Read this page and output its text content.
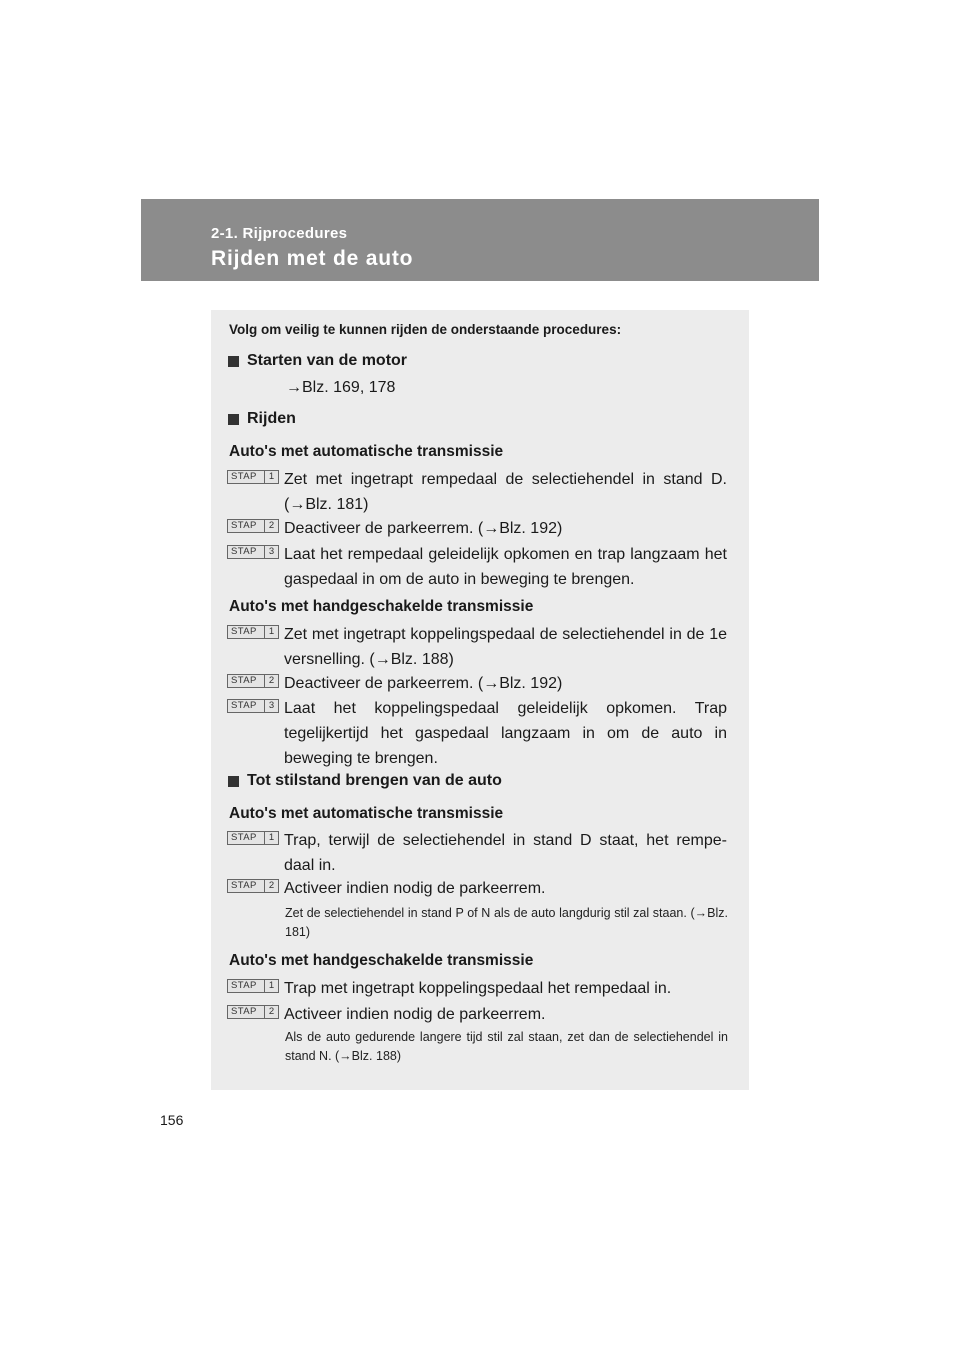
2-1. Rijprocedures
Rijden met de auto
Volg om veilig te kunnen rijden de onderstaande procedures:
Starten van de motor
→Blz. 169, 178
Rijden
Auto's met automatische transmissie
STAP	1 Zet met ingetrapt rempedaal de selectiehendel in stand D. (→Blz. 181)
STAP	2 Deactiveer de parkeerrem. (→Blz. 192)
STAP	3 Laat het rempedaal geleidelijk opkomen en trap langzaam het gaspedaal in om de auto in beweging te brengen.
Auto's met handgeschakelde transmissie
STAP	1 Zet met ingetrapt koppelingspedaal de selectiehendel in de 1e versnelling. (→Blz. 188)
STAP	2 Deactiveer de parkeerrem. (→Blz. 192)
STAP	3 Laat het koppelingspedaal geleidelijk opkomen. Trap tegelijkertijd het gaspedaal langzaam in om de auto in beweging te brengen.
Tot stilstand brengen van de auto
Auto's met automatische transmissie
STAP	1 Trap, terwijl de selectiehendel in stand D staat, het rempe-daal in.
STAP	2 Activeer indien nodig de parkeerrem.
Zet de selectiehendel in stand P of N als de auto langdurig stil zal staan. (→Blz. 181)
Auto's met handgeschakelde transmissie
STAP	1 Trap met ingetrapt koppelingspedaal het rempedaal in.
STAP	2 Activeer indien nodig de parkeerrem.
Als de auto gedurende langere tijd stil zal staan, zet dan de selectiehendel in stand N. (→Blz. 188)
156
